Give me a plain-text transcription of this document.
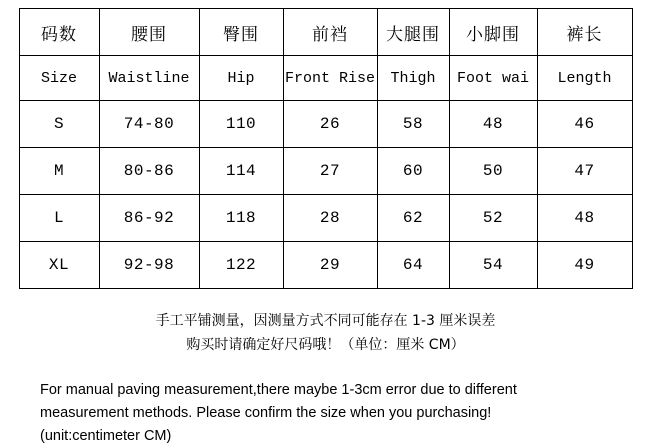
码数	腰围	臀围	前裆	大腿围	小脚围	裤长
Size	Waistline	Hip	Front Rise	Thigh	Foot wai	Length
S	74-80	110	26	58	48	46
M	80-86	114	27	60	50	47
L	86-92	118	28	62	52	48
XL	92-98	122	29	64	54	49
手工平铺测量，因测量方式不同可能存在 1-3 厘米误差
购买时请确定好尺码哦！（单位：厘米 CM）
For manual paving measurement,there maybe 1-3cm error due to different
measurement methods. Please confirm the size when you purchasing!
(unit:centimeter CM)
